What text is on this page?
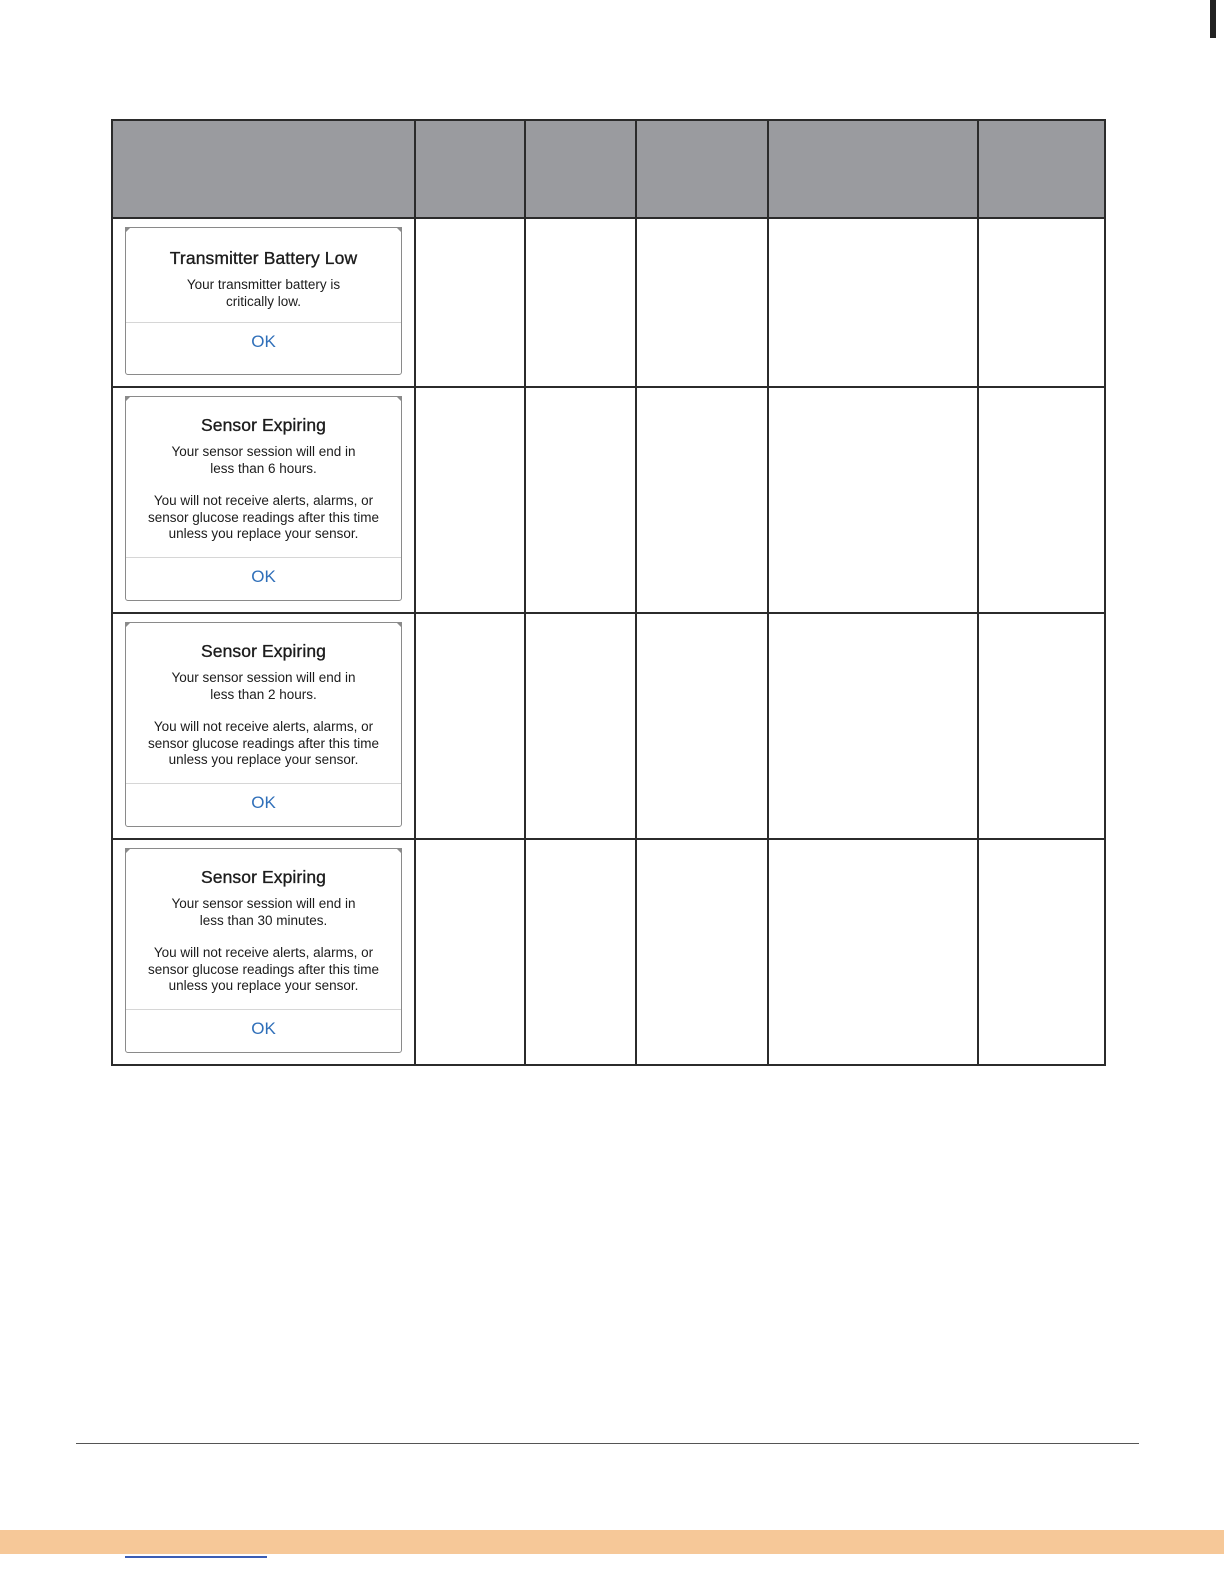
Transmitter Battery Low

Your transmitter battery is critically low.

OK					

Sensor Expiring

Your sensor session will end in less than 6 hours.

You will not receive alerts, alarms, or sensor glucose readings after this time unless you replace your sensor.

OK					

Sensor Expiring

Your sensor session will end in less than 2 hours.

You will not receive alerts, alarms, or sensor glucose readings after this time unless you replace your sensor.

OK					

Sensor Expiring

Your sensor session will end in less than 30 minutes.

You will not receive alerts, alarms, or sensor glucose readings after this time unless you replace your sensor.

OK					
